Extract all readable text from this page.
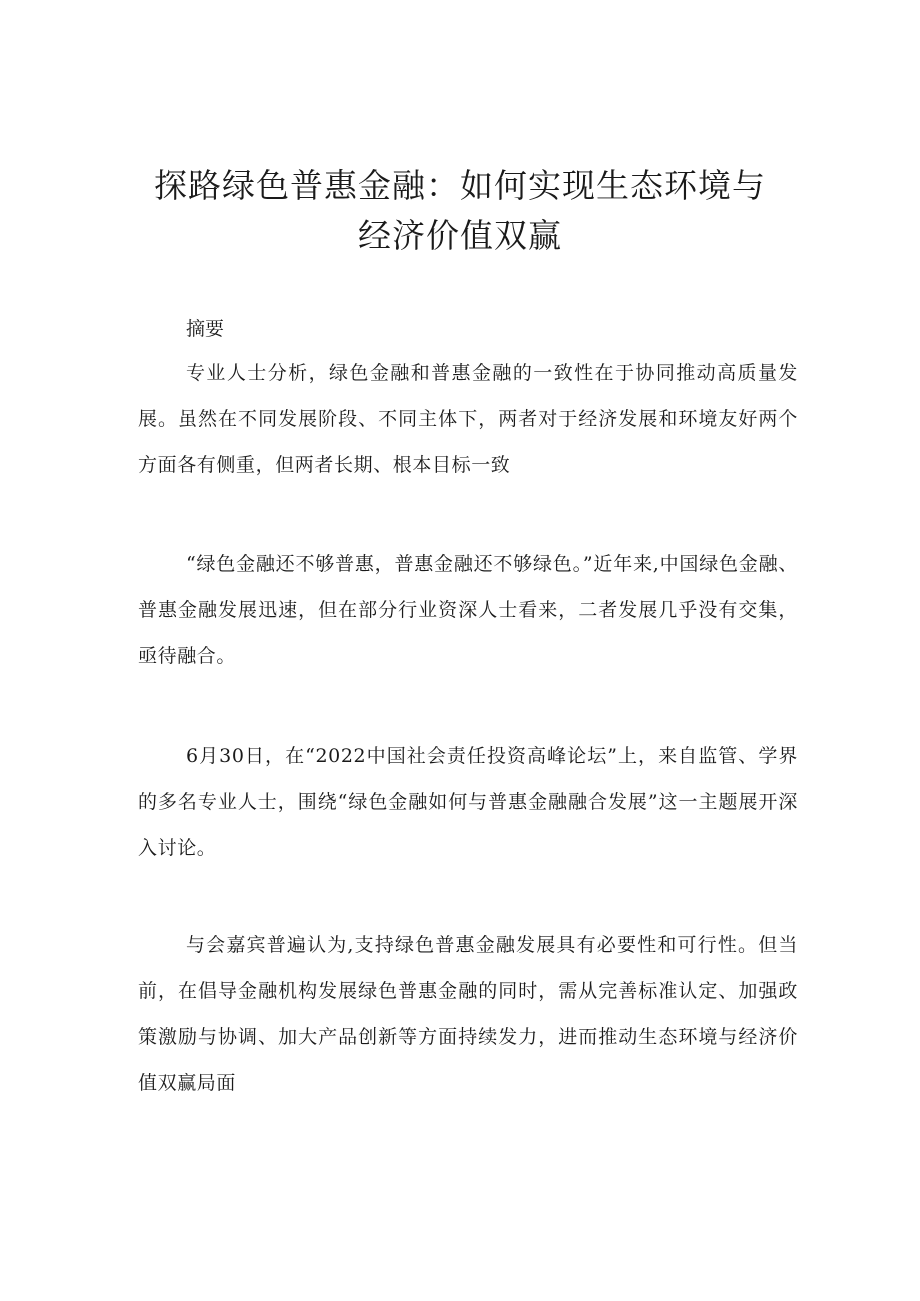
探路绿色普惠金融：如何实现生态环境与
经济价值双赢

摘要

专业人士分析，绿色金融和普惠金融的一致性在于协同推动高质量发展。虽然在不同发展阶段、不同主体下，两者对于经济发展和环境友好两个方面各有侧重，但两者长期、根本目标一致

“绿色金融还不够普惠，普惠金融还不够绿色。”近年来,中国绿色金融、普惠金融发展迅速，但在部分行业资深人士看来，二者发展几乎没有交集，亟待融合。

6月30日，在“2022中国社会责任投资高峰论坛”上，来自监管、学界的多名专业人士，围绕“绿色金融如何与普惠金融融合发展”这一主题展开深入讨论。

与会嘉宾普遍认为,支持绿色普惠金融发展具有必要性和可行性。但当前，在倡导金融机构发展绿色普惠金融的同时，需从完善标准认定、加强政策激励与协调、加大产品创新等方面持续发力，进而推动生态环境与经济价值双赢局面
